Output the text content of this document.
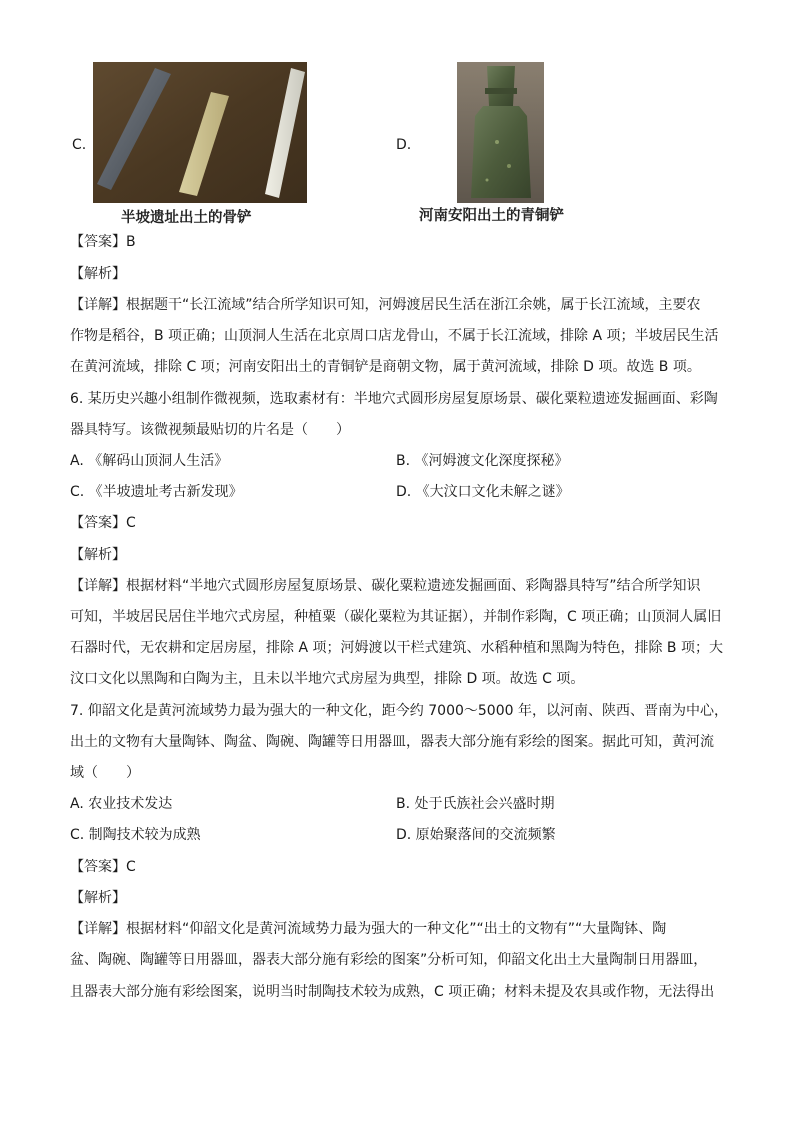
C.
半坡遗址出土的骨铲
D.
河南安阳出土的青铜铲
【答案】B
【解析】
【详解】根据题干“长江流域”结合所学知识可知，河姆渡居民生活在浙江余姚，属于长江流域，主要农
作物是稻谷，B 项正确；山顶洞人生活在北京周口店龙骨山，不属于长江流域，排除 A 项；半坡居民生活
在黄河流域，排除 C 项；河南安阳出土的青铜铲是商朝文物，属于黄河流域，排除 D 项。故选 B 项。
6. 某历史兴趣小组制作微视频，选取素材有：半地穴式圆形房屋复原场景、碳化粟粒遗迹发掘画面、彩陶
器具特写。该微视频最贴切的片名是（　　）
A. 《解码山顶洞人生活》	B. 《河姆渡文化深度探秘》
C. 《半坡遗址考古新发现》	D. 《大汶口文化未解之谜》
【答案】C
【解析】
【详解】根据材料“半地穴式圆形房屋复原场景、碳化粟粒遗迹发掘画面、彩陶器具特写”结合所学知识
可知，半坡居民居住半地穴式房屋，种植粟（碳化粟粒为其证据），并制作彩陶，C 项正确；山顶洞人属旧
石器时代，无农耕和定居房屋，排除 A 项；河姆渡以干栏式建筑、水稻种植和黑陶为特色，排除 B 项；大
汶口文化以黑陶和白陶为主，且未以半地穴式房屋为典型，排除 D 项。故选 C 项。
7. 仰韶文化是黄河流域势力最为强大的一种文化，距今约 7000～5000 年，以河南、陕西、晋南为中心，
出土的文物有大量陶钵、陶盆、陶碗、陶罐等日用器皿，器表大部分施有彩绘的图案。据此可知，黄河流
域（　　）
A. 农业技术发达	B. 处于氏族社会兴盛时期
C. 制陶技术较为成熟	D. 原始聚落间的交流频繁
【答案】C
【解析】
【详解】根据材料“仰韶文化是黄河流域势力最为强大的一种文化”“出土的文物有”“大量陶钵、陶
盆、陶碗、陶罐等日用器皿，器表大部分施有彩绘的图案”分析可知，仰韶文化出土大量陶制日用器皿，
且器表大部分施有彩绘图案，说明当时制陶技术较为成熟，C 项正确；材料未提及农具或作物，无法得出
